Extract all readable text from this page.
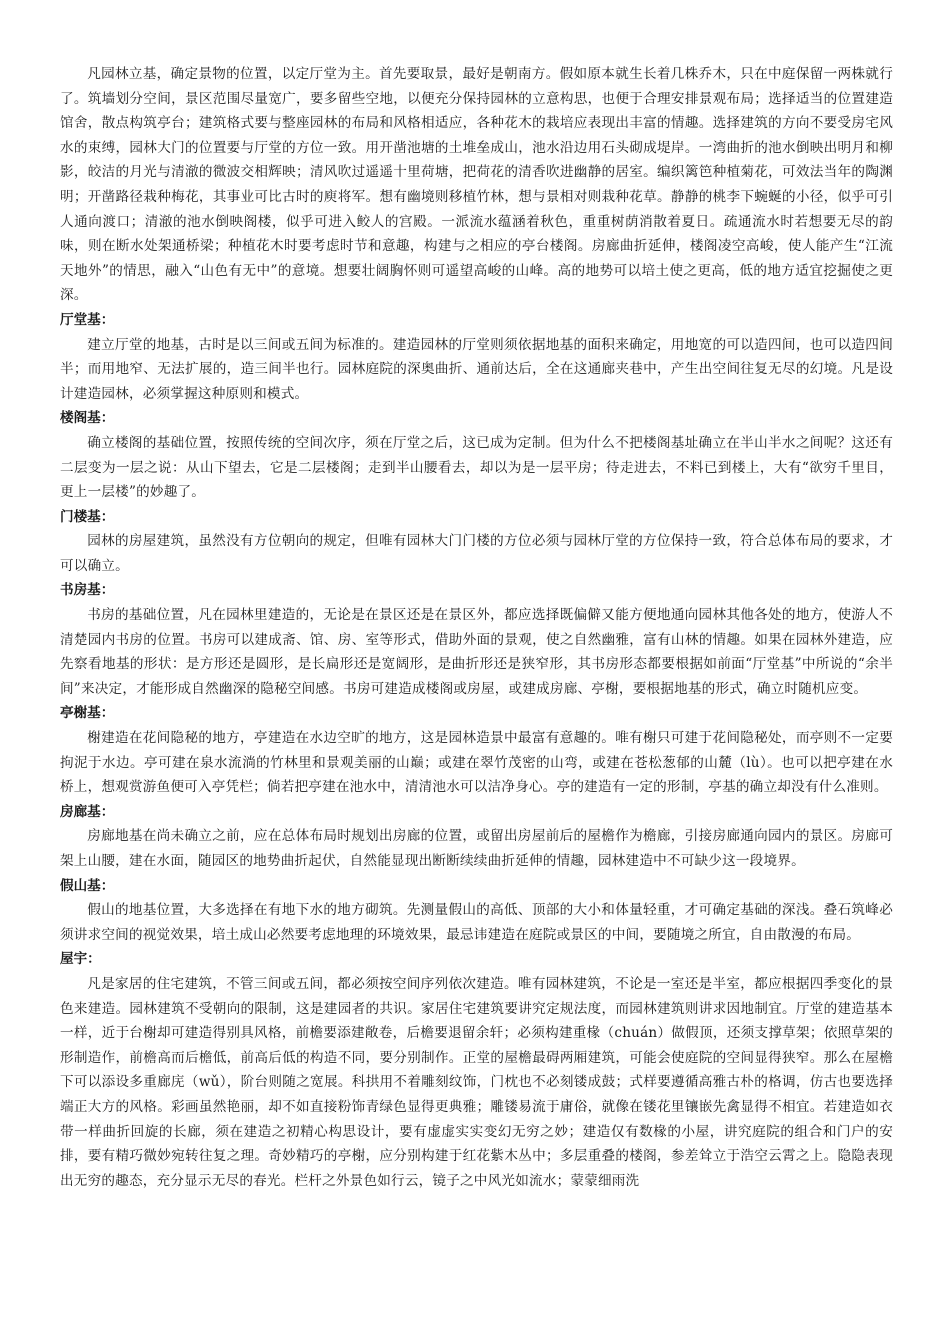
凡园林立基，确定景物的位置，以定厅堂为主。首先要取景，最好是朝南方。假如原本就生长着几株乔木，只在中庭保留一两株就行了。筑墙划分空间，景区范围尽量宽广，要多留些空地，以便充分保持园林的立意构思，也便于合理安排景观布局；选择适当的位置建造馆舍，散点构筑亭台；建筑格式要与整座园林的布局和风格相适应，各种花木的栽培应表现出丰富的情趣。选择建筑的方向不要受房宅风水的束缚，园林大门的位置要与厅堂的方位一致。用开凿池塘的土堆垒成山，池水沿边用石头砌成堤岸。一湾曲折的池水倒映出明月和柳影，皎洁的月光与清澈的微波交相辉映；清风吹过遥遥十里荷塘，把荷花的清香吹进幽静的居室。编织篱笆种植菊花，可效法当年的陶渊明；开凿路径栽种梅花，其事业可比古时的庾将军。想有幽境则移植竹林，想与景相对则栽种花草。静静的桃李下蜿蜒的小径，似乎可引人通向渡口；清澈的池水倒映阁楼，似乎可进入鲛人的宫殿。一派流水蕴涵着秋色，重重树荫消散着夏日。疏通流水时若想要无尽的韵味，则在断水处架通桥梁；种植花木时要考虑时节和意趣，构建与之相应的亭台楼阁。房廊曲折延伸，楼阁凌空高峻，使人能产生“江流天地外”的情思，融入“山色有无中”的意境。想要壮阔胸怀则可遥望高峻的山峰。高的地势可以培土使之更高，低的地方适宜挖掘使之更深。

厅堂基：

建立厅堂的地基，古时是以三间或五间为标准的。建造园林的厅堂则须依据地基的面积来确定，用地宽的可以造四间，也可以造四间半；而用地窄、无法扩展的，造三间半也行。园林庭院的深奥曲折、通前达后，全在这通廊夹巷中，产生出空间往复无尽的幻境。凡是设计建造园林，必须掌握这种原则和模式。

楼阁基：

确立楼阁的基础位置，按照传统的空间次序，须在厅堂之后，这已成为定制。但为什么不把楼阁基址确立在半山半水之间呢？这还有二层变为一层之说：从山下望去，它是二层楼阁；走到半山腰看去，却以为是一层平房；待走进去，不料已到楼上，大有“欲穷千里目，更上一层楼”的妙趣了。

门楼基：

园林的房屋建筑，虽然没有方位朝向的规定，但唯有园林大门门楼的方位必须与园林厅堂的方位保持一致，符合总体布局的要求，才可以确立。

书房基：

书房的基础位置，凡在园林里建造的，无论是在景区还是在景区外，都应选择既偏僻又能方便地通向园林其他各处的地方，使游人不清楚园内书房的位置。书房可以建成斋、馆、房、室等形式，借助外面的景观，使之自然幽雅，富有山林的情趣。如果在园林外建造，应先察看地基的形状：是方形还是圆形，是长扁形还是宽阔形，是曲折形还是狭窄形，其书房形态都要根据如前面“厅堂基”中所说的“余半间”来决定，才能形成自然幽深的隐秘空间感。书房可建造成楼阁或房屋，或建成房廊、亭榭，要根据地基的形式，确立时随机应变。

亭榭基：

榭建造在花间隐秘的地方，亭建造在水边空旷的地方，这是园林造景中最富有意趣的。唯有榭只可建于花间隐秘处，而亭则不一定要拘泥于水边。亭可建在泉水流淌的竹林里和景观美丽的山巅；或建在翠竹茂密的山弯，或建在苍松葱郁的山麓（lù）。也可以把亭建在水桥上，想观赏游鱼便可入亭凭栏；倘若把亭建在池水中，清清池水可以洁净身心。亭的建造有一定的形制，亭基的确立却没有什么准则。

房廊基：

房廊地基在尚未确立之前，应在总体布局时规划出房廊的位置，或留出房屋前后的屋檐作为檐廊，引接房廊通向园内的景区。房廊可架上山腰，建在水面，随园区的地势曲折起伏，自然能显现出断断续续曲折延伸的情趣，园林建造中不可缺少这一段境界。

假山基：

假山的地基位置，大多选择在有地下水的地方砌筑。先测量假山的高低、顶部的大小和体量轻重，才可确定基础的深浅。叠石筑峰必须讲求空间的视觉效果，培土成山必然要考虑地理的环境效果，最忌讳建造在庭院或景区的中间，要随境之所宜，自由散漫的布局。

屋宇：

凡是家居的住宅建筑，不管三间或五间，都必须按空间序列依次建造。唯有园林建筑，不论是一室还是半室，都应根据四季变化的景色来建造。园林建筑不受朝向的限制，这是建园者的共识。家居住宅建筑要讲究定规法度，而园林建筑则讲求因地制宜。厅堂的建造基本一样，近于台榭却可建造得别具风格，前檐要添建敞卷，后檐要退留余轩；必须构建重椽（chuán）做假顶，还须支撑草架；依照草架的形制造作，前檐高而后檐低，前高后低的构造不同，要分别制作。正堂的屋檐最碍两厢建筑，可能会使庭院的空间显得狭窄。那么在屋檐下可以添设多重廊庑（wǔ），阶台则随之宽展。科拱用不着雕刻纹饰，门枕也不必刻镂成鼓；式样要遵循高雅古朴的格调，仿古也要选择端正大方的风格。彩画虽然艳丽，却不如直接粉饰青绿色显得更典雅；雕镂易流于庸俗，就像在镂花里镶嵌先禽显得不相宜。若建造如衣带一样曲折回旋的长廊，须在建造之初精心构思设计，要有虚虚实实变幻无穷之妙；建造仅有数椽的小屋，讲究庭院的组合和门户的安排，要有精巧微妙宛转往复之理。奇妙精巧的亭榭，应分别构建于红花紫木丛中；多层重叠的楼阁，参差耸立于浩空云霄之上。隐隐表现出无穷的趣态，充分显示无尽的春光。栏杆之外景色如行云，镜子之中风光如流水；蒙蒙细雨洗
